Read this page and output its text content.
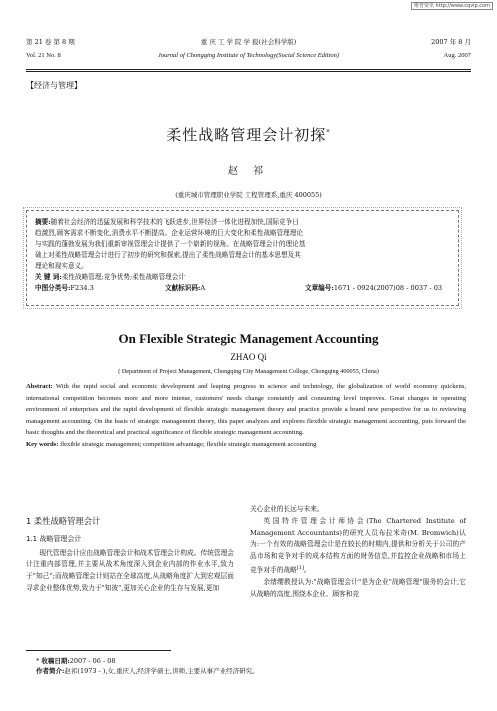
维普资讯 http://www.cqvip.com
第 21 卷 第 8 期	重 庆 工 学 院 学 报(社会科学版)	2007 年 8 月
Vol. 21 No. 8	Journal of Chongqing Institute of Technology(Social Science Edition)	Aug. 2007
【经济与管理】
柔性战略管理会计初探*
赵 祁
(重庆城市管理职业学院 工程管理系,重庆 400055)
摘要:随着社会经济的迅猛发展和科学技术的飞跃进步,世界经济一体化进程加快,国际竞争日
趋激烈,顾客需求不断变化,消费水平不断提高。企业运营环境的巨大变化和柔性战略管理理论
与实践的蓬勃发展为我们重新审视管理会计提供了一个崭新的视角。在战略管理会计的理论基
础上对柔性战略管理会计进行了初步的研究和探索,提出了柔性战略管理会计的基本思想及其
理论和现实意义。
关 键 词:柔性战略管理;竞争优势;柔性战略管理会计
中图分类号: F234.3	文献标识码: A	文章编号: 1671 - 0924(2007)08 - 0037 - 03
On Flexible Strategic Management Accounting
ZHAO Qi
( Department of Project Management, Chongqing City Management College, Chongqing 400055, China)
Abstract: With the rapid social and economic development and leaping progress in science and technology, the globalization of world economy quickens, international competition becomes more and more intense, customers' needs change constantly and consuming level improves. Great changes in operating environment of enterprises and the rapid development of flexible strategic management theory and practice provide a brand new perspective for us to reviewing management accounting. On the basis of strategic management theory, this paper analyzes and explores flexible strategic management accounting, puts forward the basic thoughts and the theoretical and practical significance of flexible strategic management accounting.
Key words: flexible strategic management; competition advantage; flexible strategic management accounting
1 柔性战略管理会计
1.1 战略管理会计
现代管理会计应由战略管理会计和战术管理会计构成。传统管理会计注重内部管理,并主要从战术角度深入到企业内部的作业水平,致力于"知己";而战略管理会计则站在全球高度,从战略角度扩大到宏观层面寻求企业整体优势,致力于"知彼",更加关心企业的生存与发展,更加
关心企业的长远与未来。
英国特许管理会计师协会(The Chartered Institute of Management Accountants)的研究人员布拉米奇(M. Bromwich)认为:一个有效的战略管理会计是在较长的时期内,提供和分析关于公司的产品市场和竞争对手的成本结构方面的财务信息,并监控企业战略和市场上竞争对手的战略[1]。
余绪缨教授认为:"战略管理会计"是为企业"战略管理"服务的会计,它从战略的高度,围绕本企业、顾客和竞
* 收稿日期:2007 - 06 - 08
作者简介:赵祁(1973 - ),女,重庆人,经济学硕士,讲师,主要从事产业经济研究。
